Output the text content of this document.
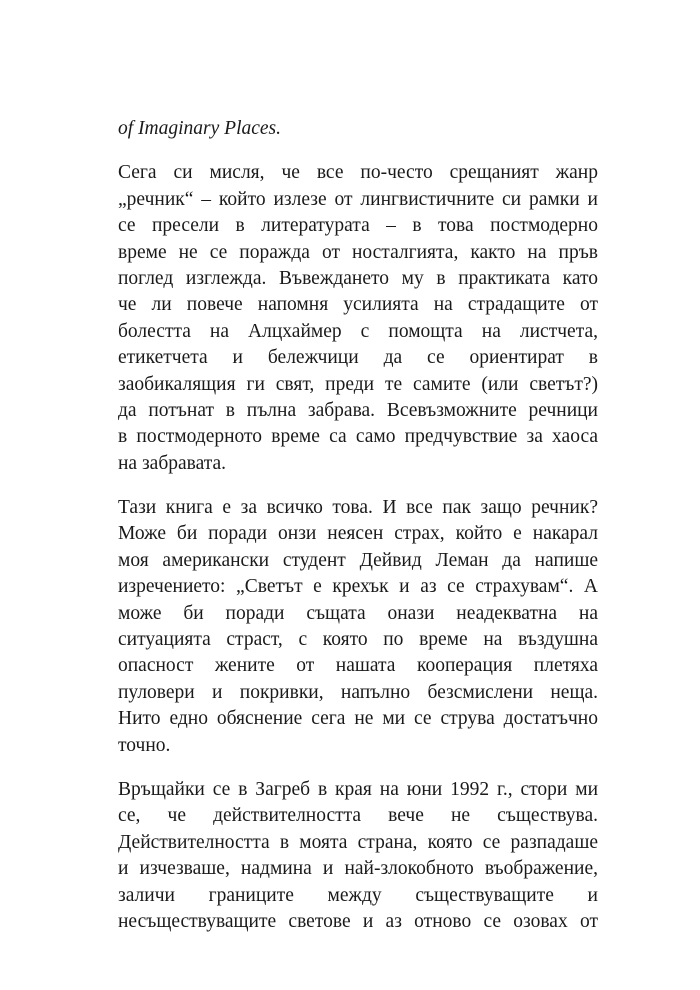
of Imaginary Places.
Сега си мисля, че все по-често срещаният жанр
„речник“ – който излезе от лингвистичните си рамки и
се пресели в литературата – в това постмодерно
време не се поражда от носталгията, както на пръв
поглед изглежда. Въвеждането му в практиката като
че ли повече напомня усилията на страдащите от
болестта на Алцхаймер с помощта на листчета,
етикетчета и бележчици да се ориентират в
заобикалящия ги свят, преди те самите (или светът?)
да потънат в пълна забрава. Всевъзможните речници
в постмодерното време са само предчувствие за хаоса
на забравата.
Тази книга е за всичко това. И все пак защо речник?
Може би поради онзи неясен страх, който е накарал
моя американски студент Дейвид Леман да напише
изречението: „Светът е крехък и аз се страхувам“. А
може би поради същата онази неадекватна на
ситуацията страст, с която по време на въздушна
опасност жените от нашата кооперация плетяха
пуловери и покривки, напълно безсмислени неща.
Нито едно обяснение сега не ми се струва достатъчно
точно.
Връщайки се в Загреб в края на юни 1992 г., стори ми
се, че действителността вече не съществува.
Действителността в моята страна, която се разпадаше
и изчезваше, надмина и най-злокобното въображение,
заличи границите между съществуващите и
несъществуващите светове и аз отново се озовах от
